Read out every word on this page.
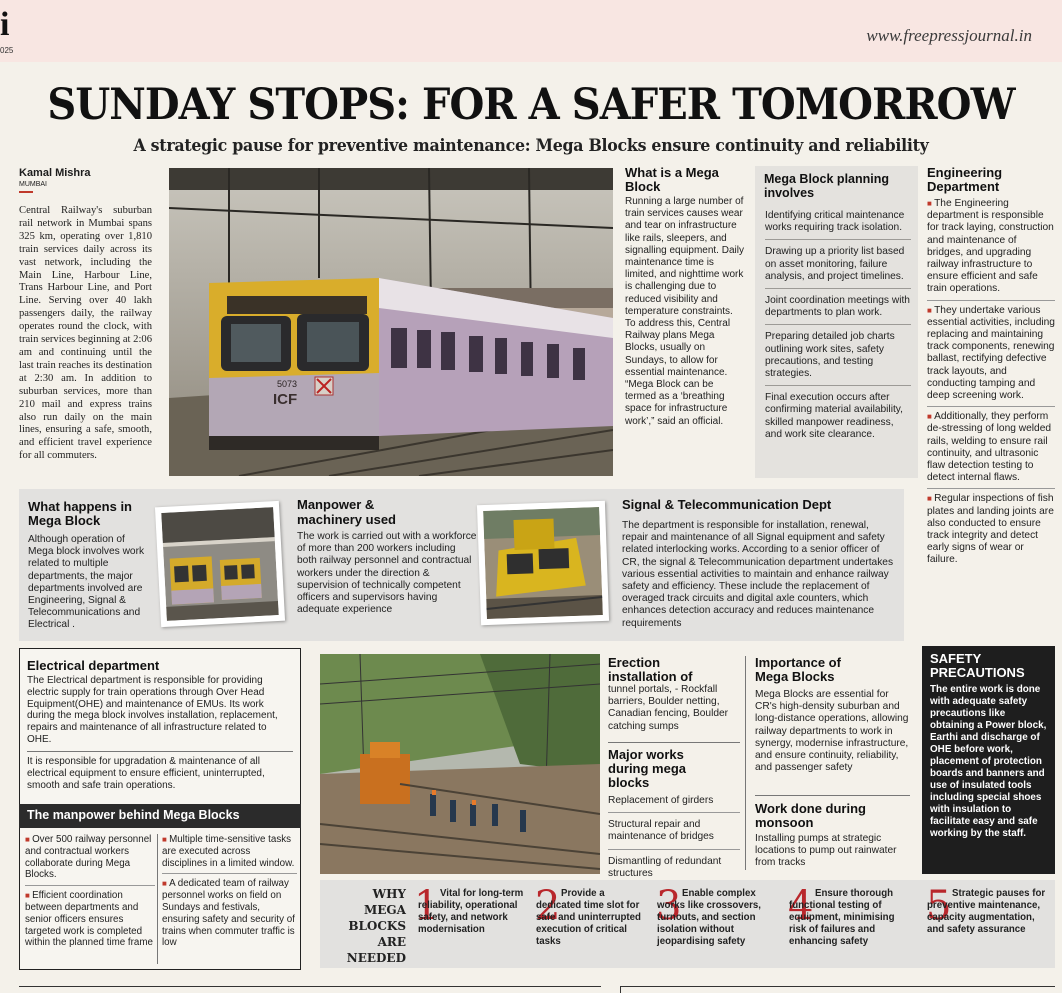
i
025
www.freepressjournal.in
SUNDAY STOPS: FOR A SAFER TOMORROW
A strategic pause for preventive maintenance: Mega Blocks ensure continuity and reliability
Kamal Mishra
MUMBAI
Central Railway's suburban rail network in Mumbai spans 325 km, operating over 1,810 train services daily across its vast network, including the Main Line, Harbour Line, Trans Harbour Line, and Port Line. Serving over 40 lakh passengers daily, the railway operates round the clock, with train services beginning at 2:06 am and continuing until the last train reaches its destination at 2:30 am. In addition to suburban services, more than 210 mail and express trains also run daily on the main lines, ensuring a safe, smooth, and efficient travel experience for all commuters.
5073
ICF
What is a Mega Block
Running a large number of train services causes wear and tear on infrastructure like rails, sleepers, and signalling equipment. Daily maintenance time is limited, and nighttime work is challenging due to reduced visibility and temperature constraints. To address this, Central Railway plans Mega Blocks, usually on Sundays, to allow for essential maintenance. “Mega Block can be termed as a ‘breathing space for infrastructure work’,” said an official.
Mega Block planning involves
Identifying critical maintenance works requiring track isolation.
Drawing up a priority list based on asset monitoring, failure analysis, and project timelines.
Joint coordination meetings with departments to plan work.
Preparing detailed job charts outlining work sites, safety precautions, and testing strategies.
Final execution occurs after confirming material availability, skilled manpower readiness, and work site clearance.
Engineering Department
■ The Engineering department is responsible for track laying, construction and maintenance of bridges, and upgrading railway infrastructure to ensure efficient and safe train operations.
■ They undertake various essential activities, including replacing and maintaining track components, renewing ballast, rectifying defective track layouts, and conducting tamping and deep screening work.
■ Additionally, they perform de-stressing of long welded rails, welding to ensure rail continuity, and ultrasonic flaw detection testing to detect internal flaws.
■ Regular inspections of fish plates and landing joints are also conducted to ensure track integrity and detect early signs of wear or failure.
What happens in Mega Block
Although operation of Mega block involves work related to multiple departments, the major departments involved are Engineering, Signal & Telecommunications and Electrical .
Manpower & machinery used
The work is carried out with a workforce of more than 200 workers including both railway personnel and contractual workers under the direction & supervision of technically competent officers and supervisors having adequate experience
Signal & Telecommunication Dept
The department is responsible for installation, renewal, repair and maintenance of all Signal equipment and safety related interlocking works. According to a senior officer of CR, the signal & Telecommunication department undertakes various essential activities to maintain and enhance railway safety and efficiency. These include the replacement of overaged track circuits and digital axle counters, which enhances detection accuracy and reduces maintenance requirements
Electrical department
The Electrical department is responsible for providing electric supply for train operations through Over Head Equipment(OHE) and maintenance of EMUs. Its work during the mega block involves installation, replacement, repairs and maintenance of all infrastructure related to OHE.
It is responsible for upgradation & maintenance of all electrical equipment to ensure efficient, uninterrupted, smooth and safe train operations.
The manpower behind Mega Blocks
■ Over 500 railway personnel and contractual workers collaborate during Mega Blocks.
■ Efficient coordination between departments and senior officers ensures targeted work is completed within the planned time frame
■ Multiple time-sensitive tasks are executed across disciplines in a limited window.
■ A dedicated team of railway personnel works on field on Sundays and festivals, ensuring safety and security of trains when commuter traffic is low
Erection installation of
tunnel portals, - Rockfall barriers, Boulder netting, Canadian fencing, Boulder catching sumps
Major works during mega blocks
Replacement of girders
Structural repair and maintenance of bridges
Dismantling of redundant structures
Importance of Mega Blocks
Mega Blocks are essential for CR's high-density suburban and long-distance operations, allowing railway departments to work in synergy, modernise infrastructure, and ensure continuity, reliability, and passenger safety
Work done during monsoon
Installing pumps at strategic locations to pump out rainwater from tracks
SAFETY PRECAUTIONS
The entire work is done with adequate safety precautions like obtaining a Power block, Earthi and discharge of OHE before work, placement of protection boards and banners and use of insulated tools including special shoes with insulation to facilitate easy and safe working by the staff.
WHY MEGA BLOCKS ARE NEEDED
1 Vital for long-term reliability, operational safety, and network modernisation
2 Provide a dedicated time slot for safe and uninterrupted execution of critical tasks
3 Enable complex works like crossovers, turnouts, and section isolation without jeopardising safety
4 Ensure thorough functional testing of equipment, minimising risk of failures and enhancing safety
5 Strategic pauses for preventive maintenance, capacity augmentation, and safety assurance
